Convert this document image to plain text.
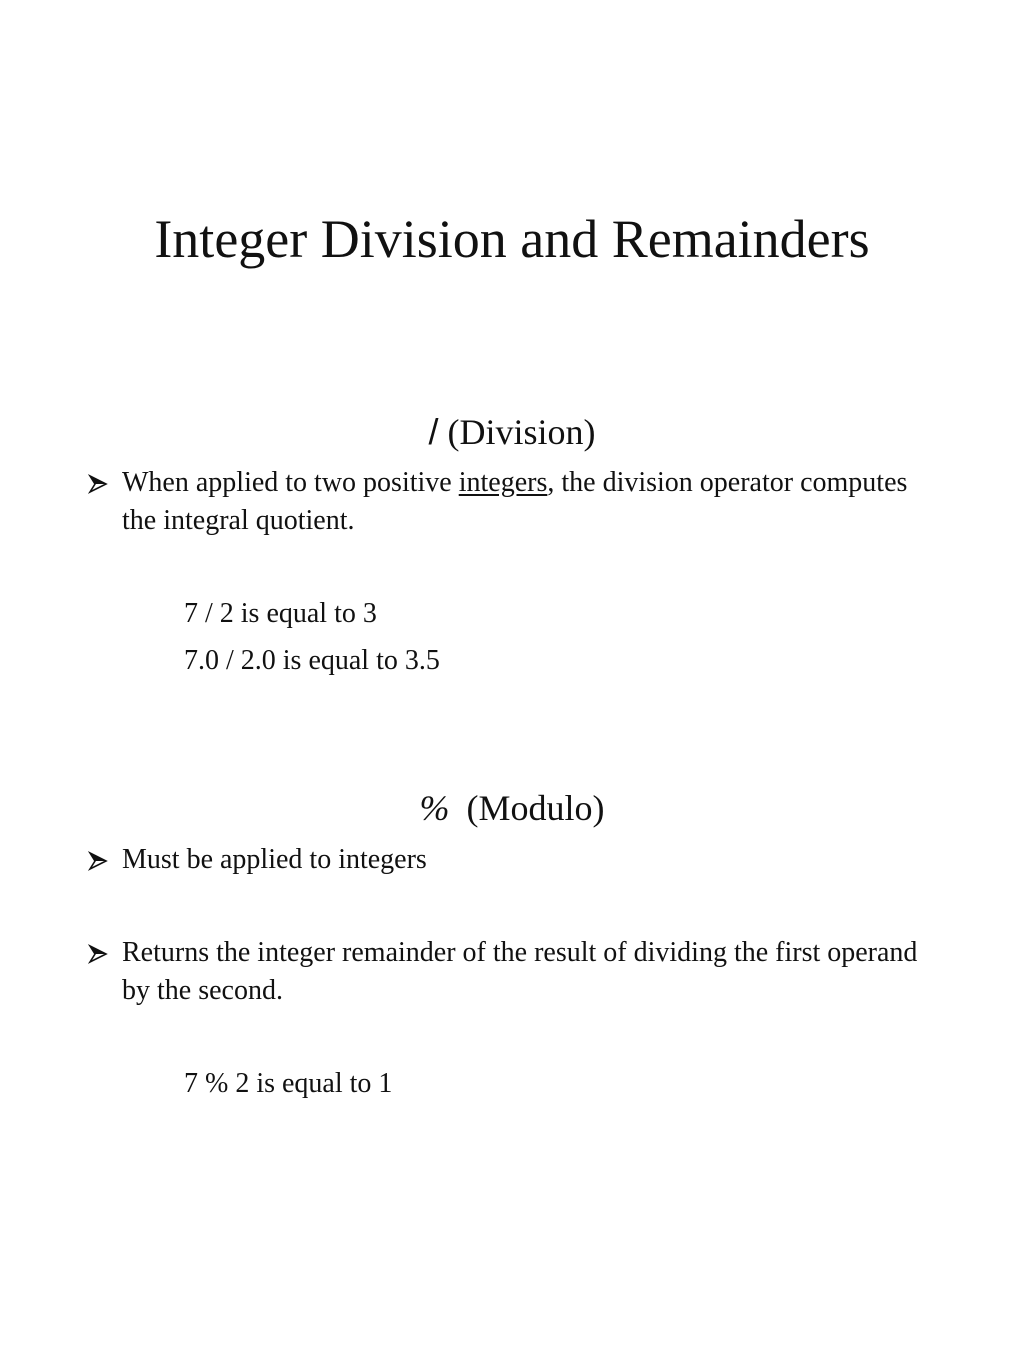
Integer Division and Remainders
/ (Division)
When applied to two positive integers, the division operator computes the integral quotient.
7 / 2 is equal to 3
7.0 / 2.0 is equal to 3.5
% (Modulo)
Must be applied to integers
Returns the integer remainder of the result of dividing the first operand by the second.
7 % 2 is equal to 1
